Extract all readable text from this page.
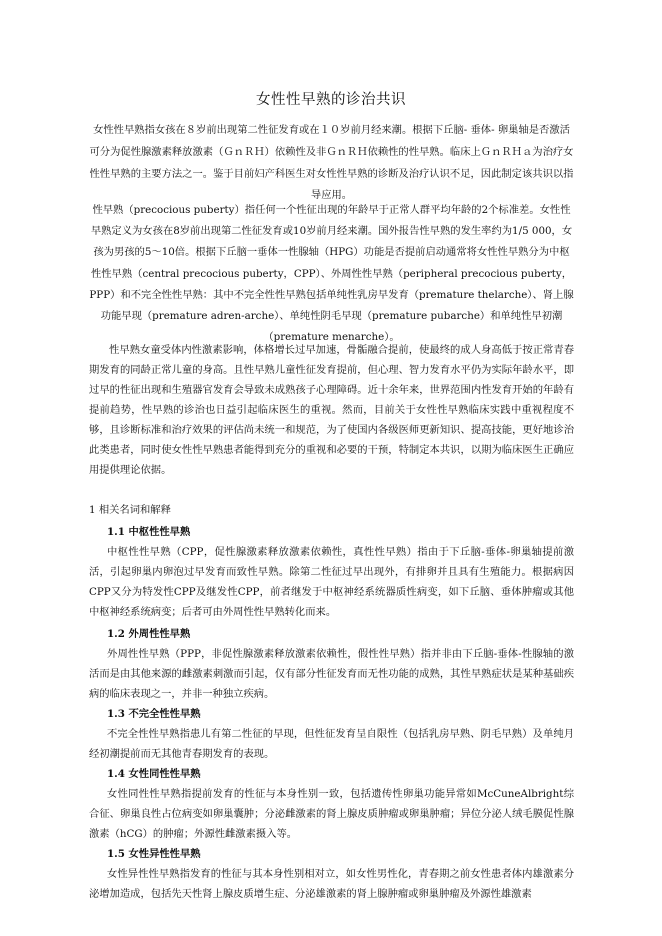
女性性早熟的诊治共识
女性性早熟指女孩在８岁前出现第二性征发育或在１０岁前月经来潮。根据下丘脑- 垂体- 卵巢轴是否激活可分为促性腺激素释放激素（ＧｎＲＨ）依赖性及非ＧｎＲＨ依赖性的性早熟。临床上ＧｎＲＨａ为治疗女性性早熟的主要方法之一。鉴于目前妇产科医生对女性性早熟的诊断及治疗认识不足，因此制定该共识以指导应用。
性早熟（precocious puberty）指任何一个性征出现的年龄早于正常人群平均年龄的2个标准差。女性性早熟定义为女孩在8岁前出现第二性征发育或10岁前月经来潮。国外报告性早熟的发生率约为1/5 000，女孩为男孩的5〜10倍。根据下丘脑一垂体一性腺轴（HPG）功能是否提前启动通常将女性性早熟分为中枢性性早熟（central precocious puberty，CPP）、外周性性早熟（peripheral precocious puberty，PPP）和不完全性性早熟：其中不完全性性早熟包括单纯性乳房早发育（premature thelarche）、肾上腺功能早现（premature adren-arche）、单纯性阴毛早现（premature pubarche）和单纯性早初潮（premature menarche）。
性早熟女童受体内性激素影响，体格增长过早加速，骨骺融合提前，使最终的成人身高低于按正常青春期发育的同龄正常儿童的身高。且性早熟儿童性征发育提前，但心理、智力发育水平仍为实际年龄水平，即过早的性征出现和生殖器官发育会导致未成熟孩子心理障碍。近十余年来，世界范围内性发育开始的年龄有提前趋势，性早熟的诊治也日益引起临床医生的重视。然而，目前关于女性性早熟临床实践中重视程度不够，且诊断标准和治疗效果的评估尚未统一和规范，为了使国内各级医师更新知识、提高技能，更好地诊治此类患者，同时使女性性早熟患者能得到充分的重视和必要的干预，特制定本共识，以期为临床医生正确应用提供理论依据。
1 相关名词和解释

1.1 中枢性性早熟

中枢性性早熟（CPP，促性腺激素释放激素依赖性，真性性早熟）指由于下丘脑-垂体-卵巢轴提前激活，引起卵巢内卵泡过早发育而致性早熟。除第二性征过早出现外，有排卵并且具有生殖能力。根据病因CPP又分为特发性CPP及继发性CPP，前者继发于中枢神经系统器质性病变，如下丘脑、垂体肿瘤或其他中枢神经系统病变；后者可由外周性性早熟转化而来。

1.2 外周性性早熟

外周性性早熟（PPP，非促性腺激素释放激素依赖性，假性性早熟）指并非由下丘脑-垂体-性腺轴的激活而是由其他来源的雌激素刺激而引起，仅有部分性征发育而无性功能的成熟，其性早熟症状是某种基础疾病的临床表现之一，并非一种独立疾病。

1.3 不完全性性早熟

不完全性性早熟指患儿有第二性征的早现，但性征发育呈自限性（包括乳房早熟、阴毛早熟）及单纯月经初潮提前而无其他青春期发育的表现。

1.4 女性同性性早熟

女性同性性早熟指提前发育的性征与本身性别一致，包括遗传性卵巢功能异常如McCuneAlbright综合征、卵巢良性占位病变如卵巢囊肿；分泌雌激素的肾上腺皮质肿瘤或卵巢肿瘤；异位分泌人绒毛膜促性腺激素（hCG）的肿瘤；外源性雌激素摄入等。

1.5 女性异性性早熟

女性异性性早熟指发育的性征与其本身性别相对立，如女性男性化，青春期之前女性患者体内雄激素分泌增加造成，包括先天性肾上腺皮质增生症、分泌雄激素的肾上腺肿瘤或卵巢肿瘤及外源性雄激素
